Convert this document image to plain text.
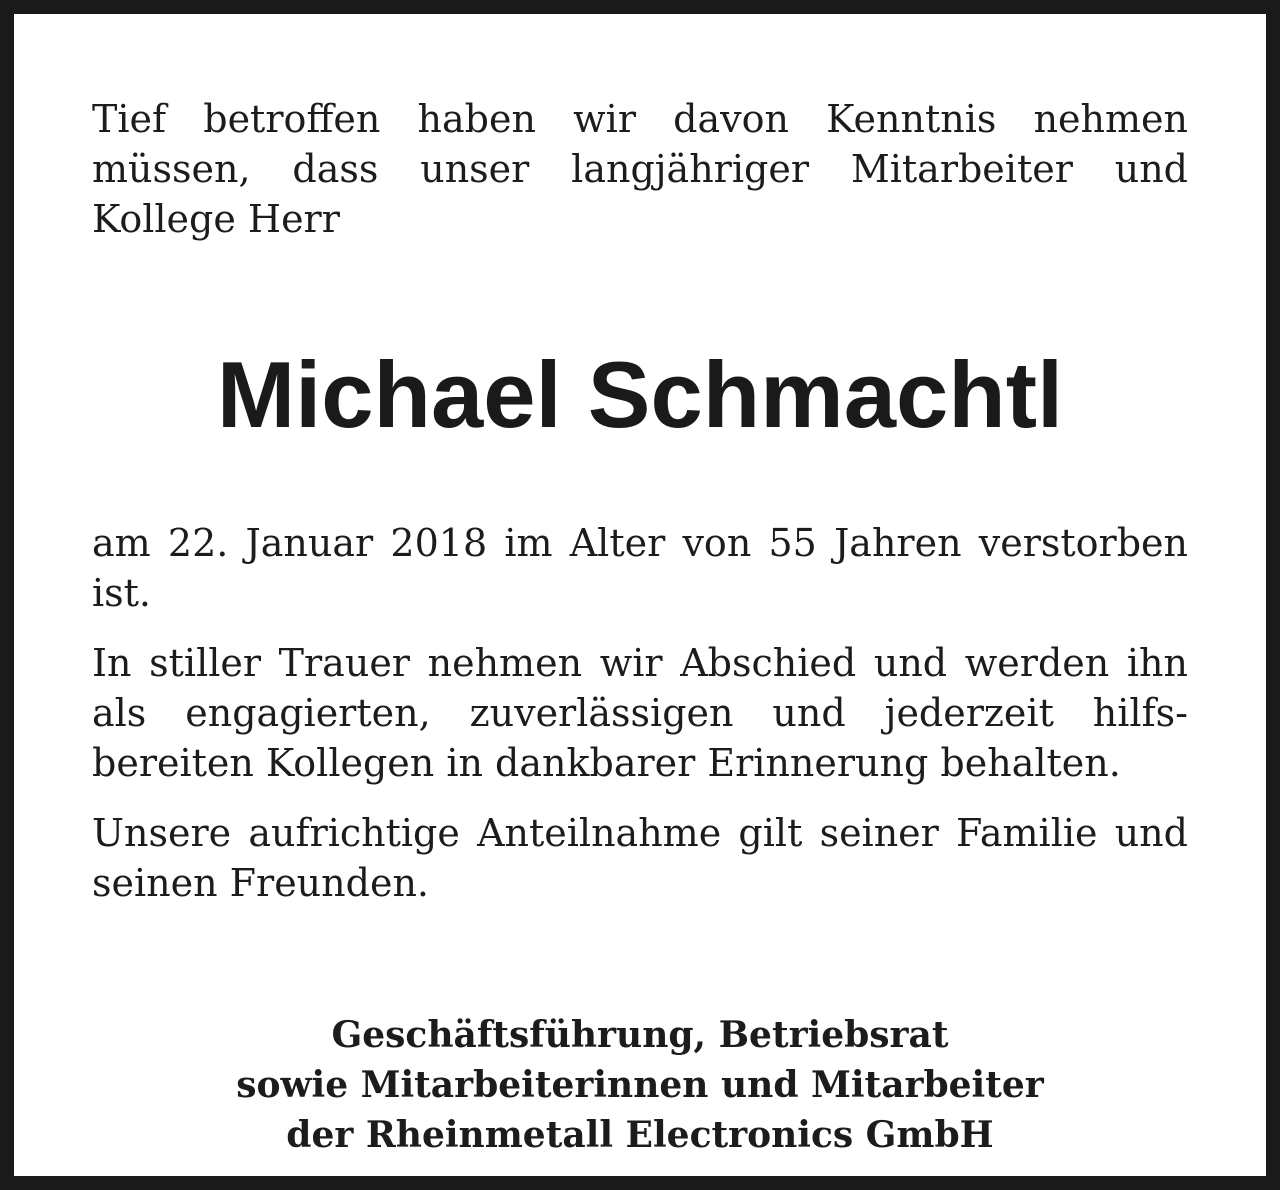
Tief betroffen haben wir davon Kenntnis nehmen müssen, dass unser langjähriger Mitarbeiter und Kollege Herr

Michael Schmachtl

am 22. Januar 2018 im Alter von 55 Jahren verstorben ist.

In stiller Trauer nehmen wir Abschied und werden ihn als engagierten, zuverlässigen und jederzeit hilfsbereiten Kollegen in dankbarer Erinnerung behalten.

Unsere aufrichtige Anteilnahme gilt seiner Familie und seinen Freunden.

Geschäftsführung, Betriebsrat
sowie Mitarbeiterinnen und Mitarbeiter
der Rheinmetall Electronics GmbH
